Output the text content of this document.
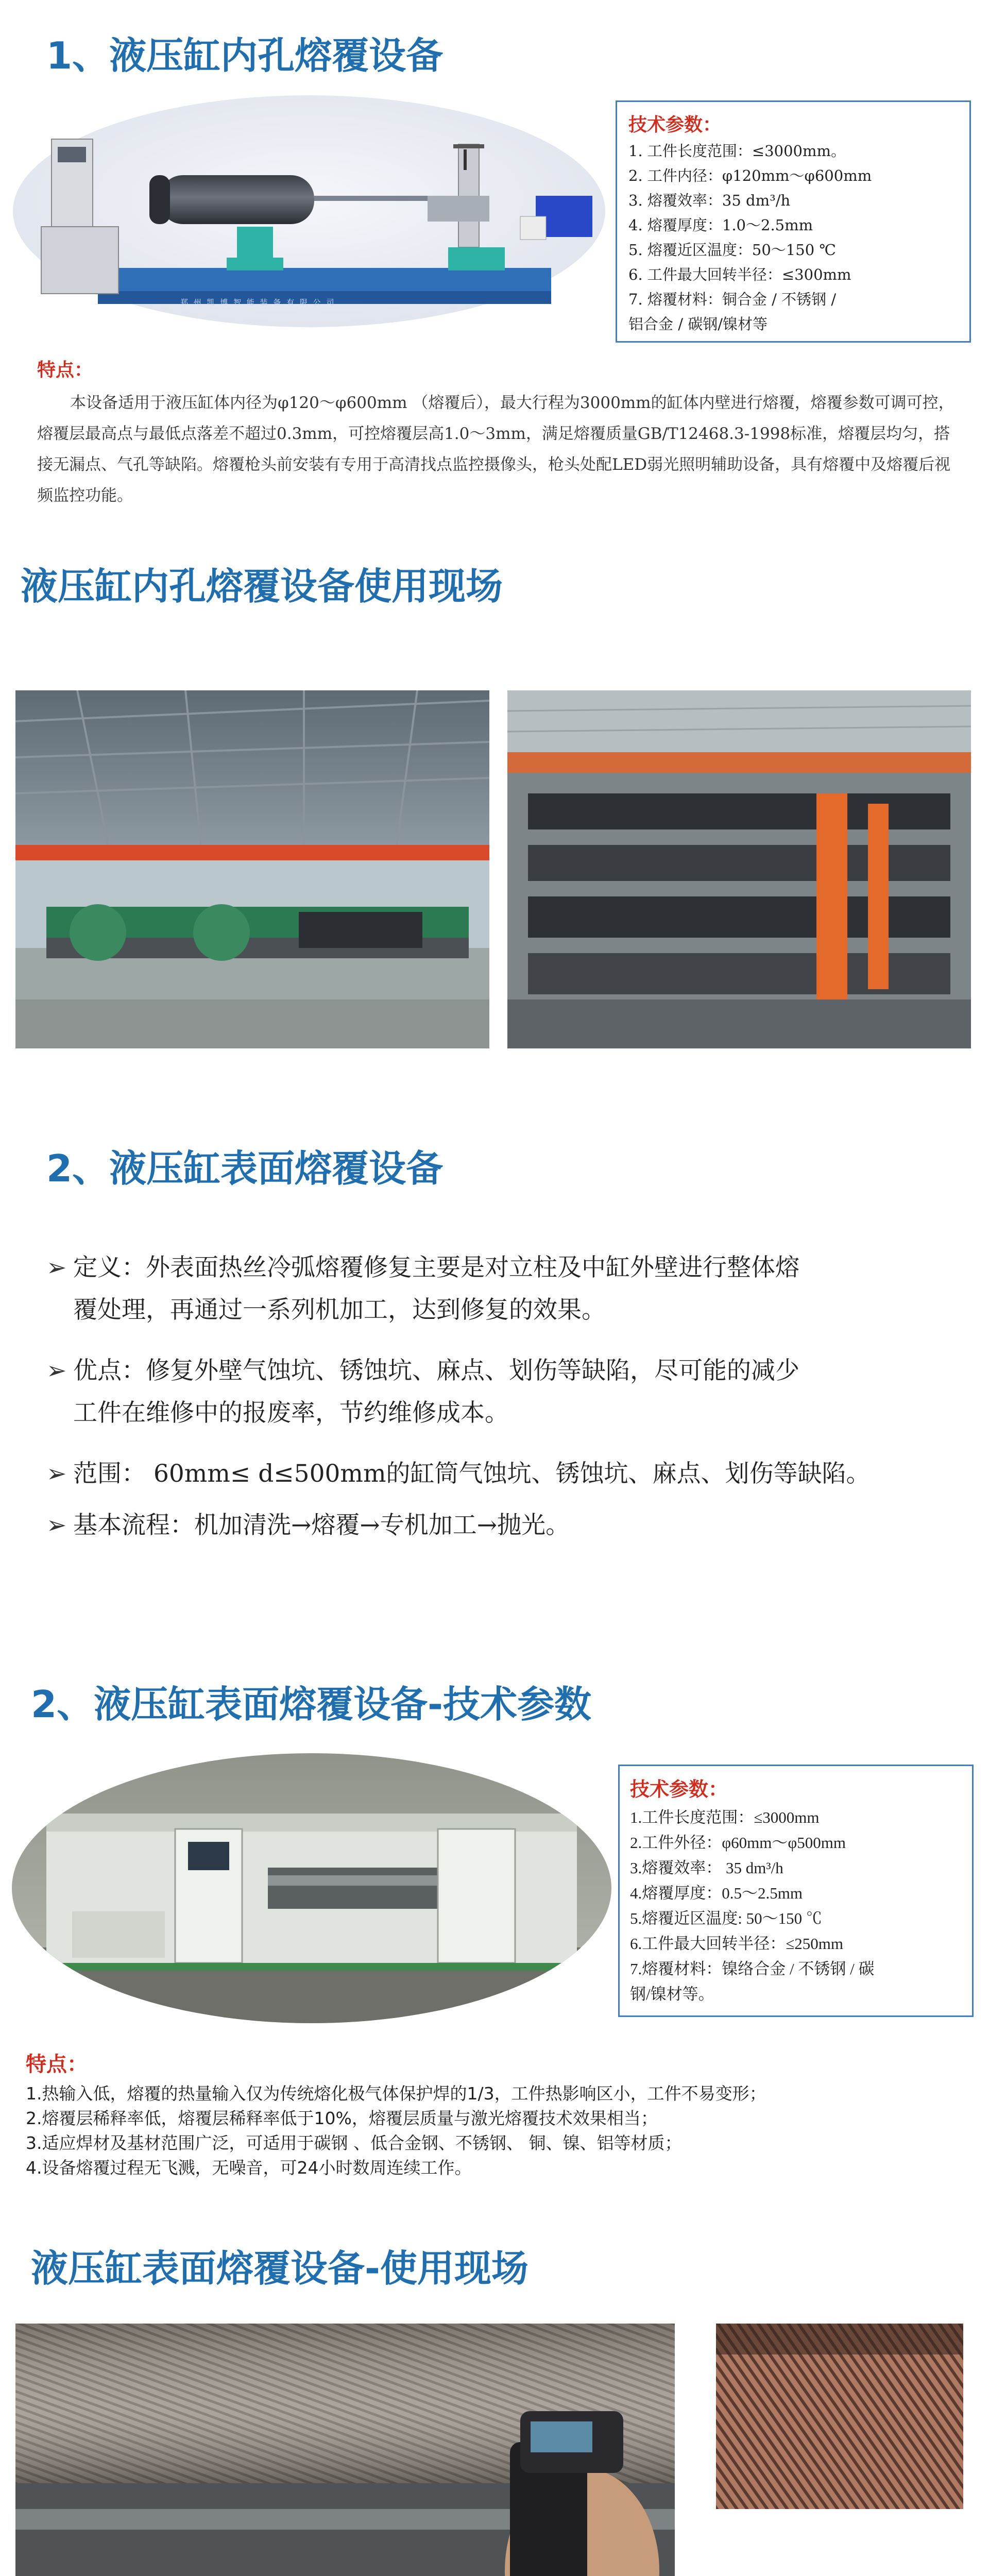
1、液压缸内孔熔覆设备
郑 州 凯 博 智 能 装 备 有 限 公 司
技术参数：
1. 工件长度范围：≤3000mm。
2. 工件内径：φ120mm～φ600mm
3. 熔覆效率：35 dm³/h
4. 熔覆厚度：1.0～2.5mm
5. 熔覆近区温度：50～150 ℃
6. 工件最大回转半径：≤300mm
7. 熔覆材料：铜合金 / 不锈钢 /
铝合金 / 碳钢/镍材等
特点：
本设备适用于液压缸体内径为φ120～φ600mm （熔覆后），最大行程为3000mm的缸体内壁进行熔覆，熔覆参数可调可控，熔覆层最高点与最低点落差不超过0.3mm，可控熔覆层高1.0～3mm，满足熔覆质量GB/T12468.3-1998标准，熔覆层均匀，搭接无漏点、气孔等缺陷。熔覆枪头前安装有专用于高清找点监控摄像头，枪头处配LED弱光照明辅助设备，具有熔覆中及熔覆后视频监控功能。
液压缸内孔熔覆设备使用现场
2、液压缸表面熔覆设备
➢ 定义：外表面热丝冷弧熔覆修复主要是对立柱及中缸外壁进行整体熔
覆处理，再通过一系列机加工，达到修复的效果。
➢ 优点：修复外壁气蚀坑、锈蚀坑、麻点、划伤等缺陷，尽可能的减少
工件在维修中的报废率，节约维修成本。
➢ 范围： 60mm≤ d≤500mm的缸筒气蚀坑、锈蚀坑、麻点、划伤等缺陷。
➢ 基本流程：机加清洗→熔覆→专机加工→抛光。
2、液压缸表面熔覆设备-技术参数
技术参数：
1.工件长度范围：≤3000mm
2.工件外径：φ60mm～φ500mm
3.熔覆效率： 35 dm³/h
4.熔覆厚度：0.5～2.5mm
5.熔覆近区温度: 50～150 ℃
6.工件最大回转半径：≤250mm
7.熔覆材料：镍络合金 / 不锈钢 / 碳
钢/镍材等。
特点：
1.热输入低，熔覆的热量输入仅为传统熔化极气体保护焊的1/3，工件热影响区小，工件不易变形；
2.熔覆层稀释率低，熔覆层稀释率低于10%，熔覆层质量与激光熔覆技术效果相当；
3.适应焊材及基材范围广泛，可适用于碳钢 、低合金钢、不锈钢、 铜、镍、铝等材质；
4.设备熔覆过程无飞溅，无噪音，可24小时数周连续工作。
液压缸表面熔覆设备-使用现场
